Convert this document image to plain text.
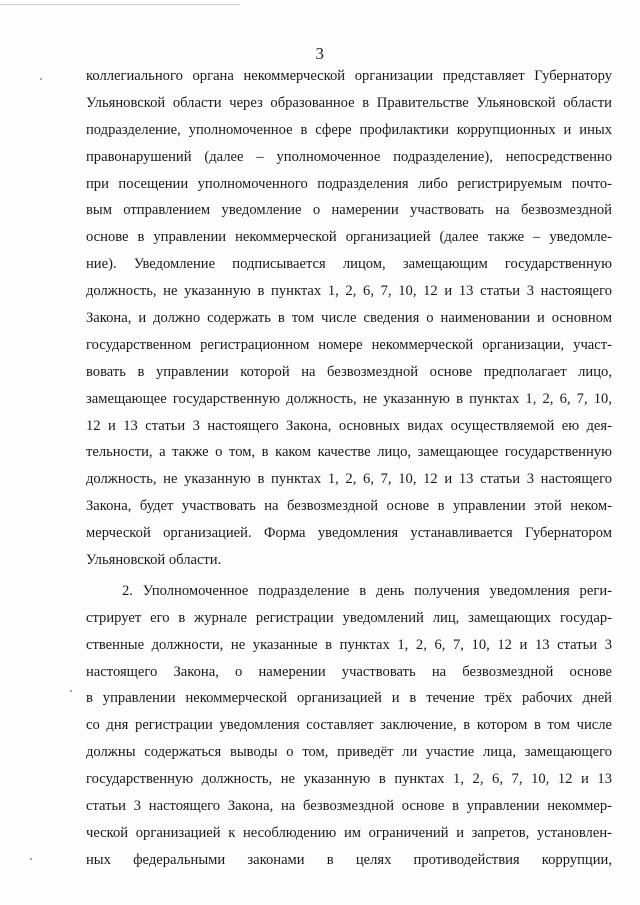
3
коллегиального органа некоммерческой организации представляет Губернатору
Ульяновской области через образованное в Правительстве Ульяновской области
подразделение, уполномоченное в сфере профилактики коррупционных и иных
правонарушений (далее – уполномоченное подразделение), непосредственно
при посещении уполномоченного подразделения либо регистрируемым почто-
вым отправлением уведомление о намерении участвовать на безвозмездной
основе в управлении некоммерческой организацией (далее также – уведомле-
ние). Уведомление подписывается лицом, замещающим государственную
должность, не указанную в пунктах 1, 2, 6, 7, 10, 12 и 13 статьи 3 настоящего
Закона, и должно содержать в том числе сведения о наименовании и основном
государственном регистрационном номере некоммерческой организации, участ-
вовать в управлении которой на безвозмездной основе предполагает лицо,
замещающее государственную должность, не указанную в пунктах 1, 2, 6, 7, 10,
12 и 13 статьи 3 настоящего Закона, основных видах осуществляемой ею дея-
тельности, а также о том, в каком качестве лицо, замещающее государственную
должность, не указанную в пунктах 1, 2, 6, 7, 10, 12 и 13 статьи 3 настоящего
Закона, будет участвовать на безвозмездной основе в управлении этой неком-
мерческой организацией. Форма уведомления устанавливается Губернатором
Ульяновской области.
2. Уполномоченное подразделение в день получения уведомления реги-
стрирует его в журнале регистрации уведомлений лиц, замещающих государ-
ственные должности, не указанные в пунктах 1, 2, 6, 7, 10, 12 и 13 статьи 3
настоящего Закона, о намерении участвовать на безвозмездной основе
в управлении некоммерческой организацией и в течение трёх рабочих дней
со дня регистрации уведомления составляет заключение, в котором в том числе
должны содержаться выводы о том, приведёт ли участие лица, замещающего
государственную должность, не указанную в пунктах 1, 2, 6, 7, 10, 12 и 13
статьи 3 настоящего Закона, на безвозмездной основе в управлении некоммер-
ческой организацией к несоблюдению им ограничений и запретов, установлен-
ных федеральными законами в целях противодействия коррупции,
